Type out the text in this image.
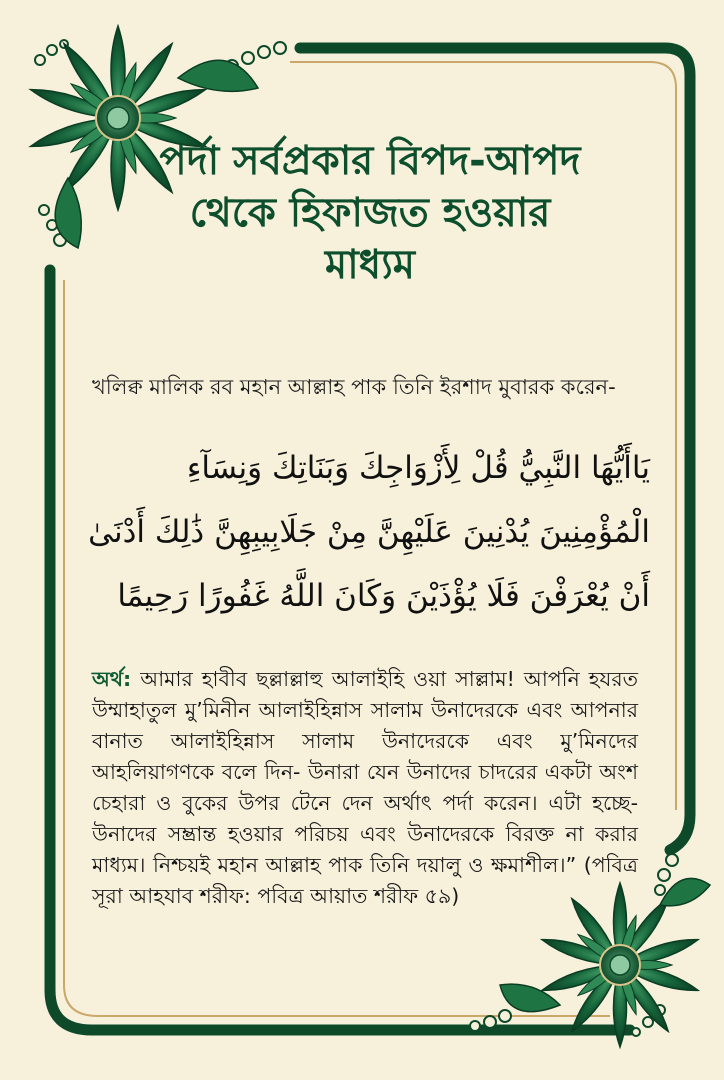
পর্দা সর্বপ্রকার বিপদ-আপদ থেকে হিফাজত হওয়ার মাধ্যম

খলিক্ব মালিক রব মহান আল্লাহ পাক তিনি ইরশাদ মুবারক করেন-

يَاأَيُّهَا النَّبِيُّ قُلْ لِأَزْوَاجِكَ وَبَنَاتِكَ وَنِسَآءِ الْمُؤْمِنِينَ يُدْنِينَ عَلَيْهِنَّ مِنْ جَلَابِيبِهِنَّ ذَٰلِكَ أَدْنَىٰ أَنْ يُعْرَفْنَ فَلَا يُؤْذَيْنَ وَكَانَ اللَّهُ غَفُورًا رَحِيمًا

অর্থ: আমার হাবীব ছল্লাল্লাহু আলাইহি ওয়া সাল্লাম! আপনি হযরত উম্মাহাতুল মু’মিনীন আলাইহিন্নাস সালাম উনাদেরকে এবং আপনার বানাত আলাইহিন্নাস সালাম উনাদেরকে এবং মু’মিনদের আহলিয়াগণকে বলে দিন- উনারা যেন উনাদের চাদরের একটা অংশ চেহারা ও বুকের উপর টেনে দেন অর্থাৎ পর্দা করেন। এটা হচ্ছে- উনাদের সম্ভ্রান্ত হওয়ার পরিচয় এবং উনাদেরকে বিরক্ত না করার মাধ্যম। নিশ্চয়ই মহান আল্লাহ পাক তিনি দয়ালু ও ক্ষমাশীল।” (পবিত্র সূরা আহযাব শরীফ: পবিত্র আয়াত শরীফ ৫৯)
